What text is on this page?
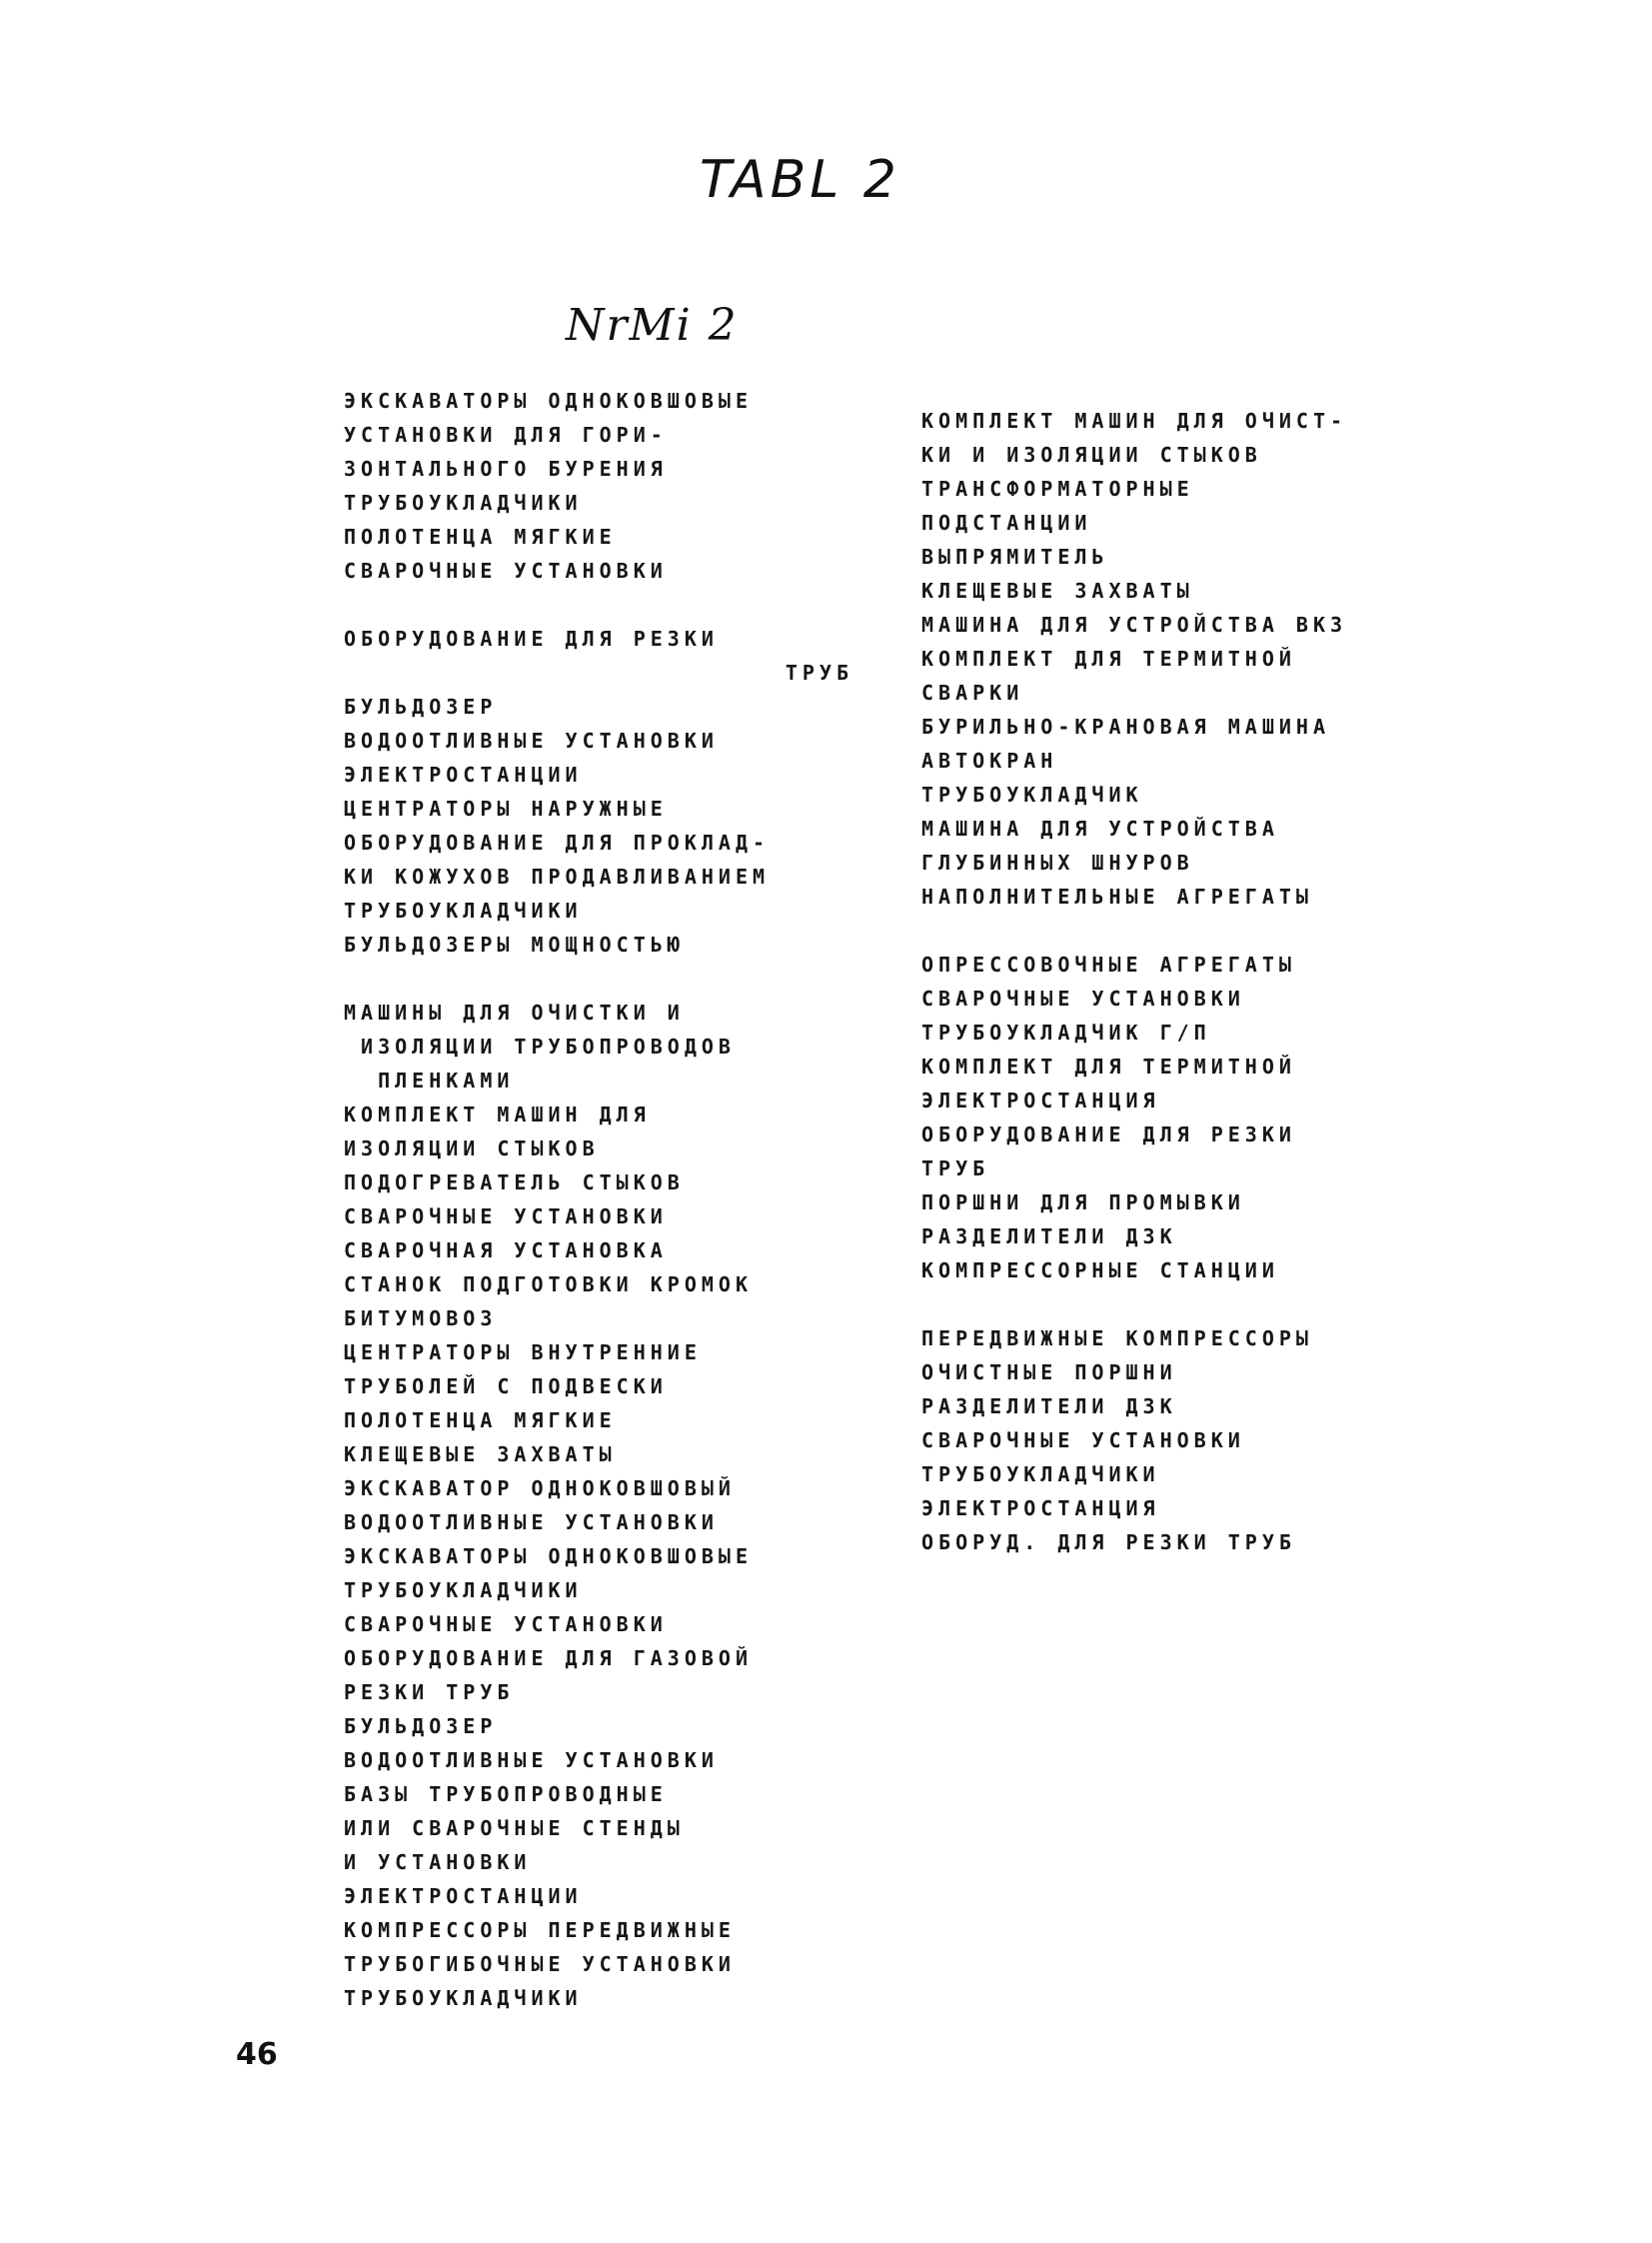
TABL 2
NrMi 2
ЭКСКАВАТОРЫ ОДНОКОВШОВЫЕ
УСТАНОВКИ ДЛЯ ГОРИ-
ЗОНТАЛЬНОГО БУРЕНИЯ
ТРУБОУКЛАДЧИКИ
ПОЛОТЕНЦА МЯГКИЕ
СВАРОЧНЫЕ УСТАНОВКИ
ОБОРУДОВАНИЕ ДЛЯ РЕЗКИ
ТРУБ
БУЛЬДОЗЕР
ВОДООТЛИВНЫЕ УСТАНОВКИ
ЭЛЕКТРОСТАНЦИИ
ЦЕНТРАТОРЫ НАРУЖНЫЕ
ОБОРУДОВАНИЕ ДЛЯ ПРОКЛАД-
КИ КОЖУХОВ ПРОДАВЛИВАНИЕМ
ТРУБОУКЛАДЧИКИ
БУЛЬДОЗЕРЫ МОЩНОСТЬЮ
МАШИНЫ ДЛЯ ОЧИСТКИ И
ИЗОЛЯЦИИ ТРУБОПРОВОДОВ
ПЛЕНКАМИ
КОМПЛЕКТ МАШИН ДЛЯ
ИЗОЛЯЦИИ СТЫКОВ
ПОДОГРЕВАТЕЛЬ СТЫКОВ
СВАРОЧНЫЕ УСТАНОВКИ
СВАРОЧНАЯ УСТАНОВКА
СТАНОК ПОДГОТОВКИ КРОМОК
БИТУМОВОЗ
ЦЕНТРАТОРЫ ВНУТРЕННИЕ
ТРУБОЛЕЙ С ПОДВЕСКИ
ПОЛОТЕНЦА МЯГКИЕ
КЛЕЩЕВЫЕ ЗАХВАТЫ
ЭКСКАВАТОР ОДНОКОВШОВЫЙ
ВОДООТЛИВНЫЕ УСТАНОВКИ
ЭКСКАВАТОРЫ ОДНОКОВШОВЫЕ
ТРУБОУКЛАДЧИКИ
СВАРОЧНЫЕ УСТАНОВКИ
ОБОРУДОВАНИЕ ДЛЯ ГАЗОВОЙ
РЕЗКИ ТРУБ
БУЛЬДОЗЕР
ВОДООТЛИВНЫЕ УСТАНОВКИ
БАЗЫ ТРУБОПРОВОДНЫЕ
ИЛИ СВАРОЧНЫЕ СТЕНДЫ
И УСТАНОВКИ
ЭЛЕКТРОСТАНЦИИ
КОМПРЕССОРЫ ПЕРЕДВИЖНЫЕ
ТРУБОГИБОЧНЫЕ УСТАНОВКИ
ТРУБОУКЛАДЧИКИ
КОМПЛЕКТ МАШИН ДЛЯ ОЧИСТ-
КИ И ИЗОЛЯЦИИ СТЫКОВ
ТРАНСФОРМАТОРНЫЕ
ПОДСТАНЦИИ
ВЫПРЯМИТЕЛЬ
КЛЕЩЕВЫЕ ЗАХВАТЫ
МАШИНА ДЛЯ УСТРОЙСТВА ВКЗ
КОМПЛЕКТ ДЛЯ ТЕРМИТНОЙ
СВАРКИ
БУРИЛЬНО-КРАНОВАЯ МАШИНА
АВТОКРАН
ТРУБОУКЛАДЧИК
МАШИНА ДЛЯ УСТРОЙСТВА
ГЛУБИННЫХ ШНУРОВ
НАПОЛНИТЕЛЬНЫЕ АГРЕГАТЫ
ОПРЕССОВОЧНЫЕ АГРЕГАТЫ
СВАРОЧНЫЕ УСТАНОВКИ
ТРУБОУКЛАДЧИК Г/П
КОМПЛЕКТ ДЛЯ ТЕРМИТНОЙ
ЭЛЕКТРОСТАНЦИЯ
ОБОРУДОВАНИЕ ДЛЯ РЕЗКИ
ТРУБ
ПОРШНИ ДЛЯ ПРОМЫВКИ
РАЗДЕЛИТЕЛИ ДЗК
КОМПРЕССОРНЫЕ СТАНЦИИ
ПЕРЕДВИЖНЫЕ КОМПРЕССОРЫ
ОЧИСТНЫЕ ПОРШНИ
РАЗДЕЛИТЕЛИ ДЗК
СВАРОЧНЫЕ УСТАНОВКИ
ТРУБОУКЛАДЧИКИ
ЭЛЕКТРОСТАНЦИЯ
ОБОРУД. ДЛЯ РЕЗКИ ТРУБ
46
